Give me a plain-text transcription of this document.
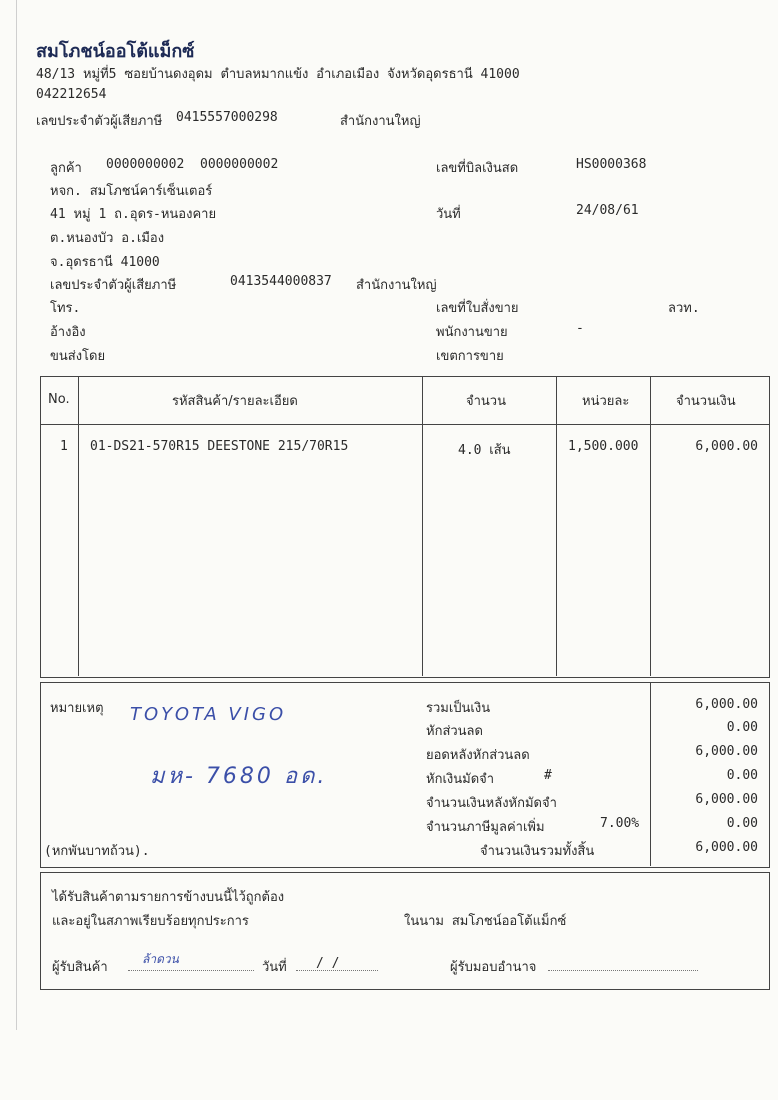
สมโภชน์ออโต้แม็กซ์
48/13 หมู่ที่5 ซอยบ้านดงอุดม ตำบลหมากแข้ง อำเภอเมือง จังหวัดอุดรธานี 41000
042212654
เลขประจำตัวผู้เสียภาษี 0415557000298	สำนักงานใหญ่
ลูกค้า 0000000002 0000000002
หจก. สมโภชน์คาร์เซ็นเตอร์
41 หมู่ 1 ถ.อุดร-หนองคาย
ต.หนองบัว อ.เมือง
จ.อุดรธานี 41000
เลขประจำตัวผู้เสียภาษี	0413544000837 สำนักงานใหญ่
โทร.
อ้างอิง
ขนส่งโดย
เลขที่บิลเงินสด	HS0000368
วันที่	24/08/61
เลขที่ใบสั่งขาย	ลวท.
พนักงานขาย	-
เขตการขาย
No.	รหัสสินค้า/รายละเอียด	จำนวน	หน่วยละ	จำนวนเงิน
1 01-DS21-570R15 DEESTONE 215/70R15	4.0 เส้น	1,500.000	6,000.00
หมายเหตุ TOYOTA VIGO
มห- 7680 อด.
(หกพันบาทถ้วน).
รวมเป็นเงิน	6,000.00
หักส่วนลด	0.00
ยอดหลังหักส่วนลด	6,000.00
หักเงินมัดจำ	#	0.00
จำนวนเงินหลังหักมัดจำ	6,000.00
จำนวนภาษีมูลค่าเพิ่ม	7.00%	0.00
จำนวนเงินรวมทั้งสิ้น	6,000.00
ได้รับสินค้าตามรายการข้างบนนี้ไว้ถูกต้อง
และอยู่ในสภาพเรียบร้อยทุกประการ	ในนาม สมโภชน์ออโต้แม็กซ์
ผู้รับสินค้า
ล้าดวน
วันที่ / /	ผู้รับมอบอำนาจ
